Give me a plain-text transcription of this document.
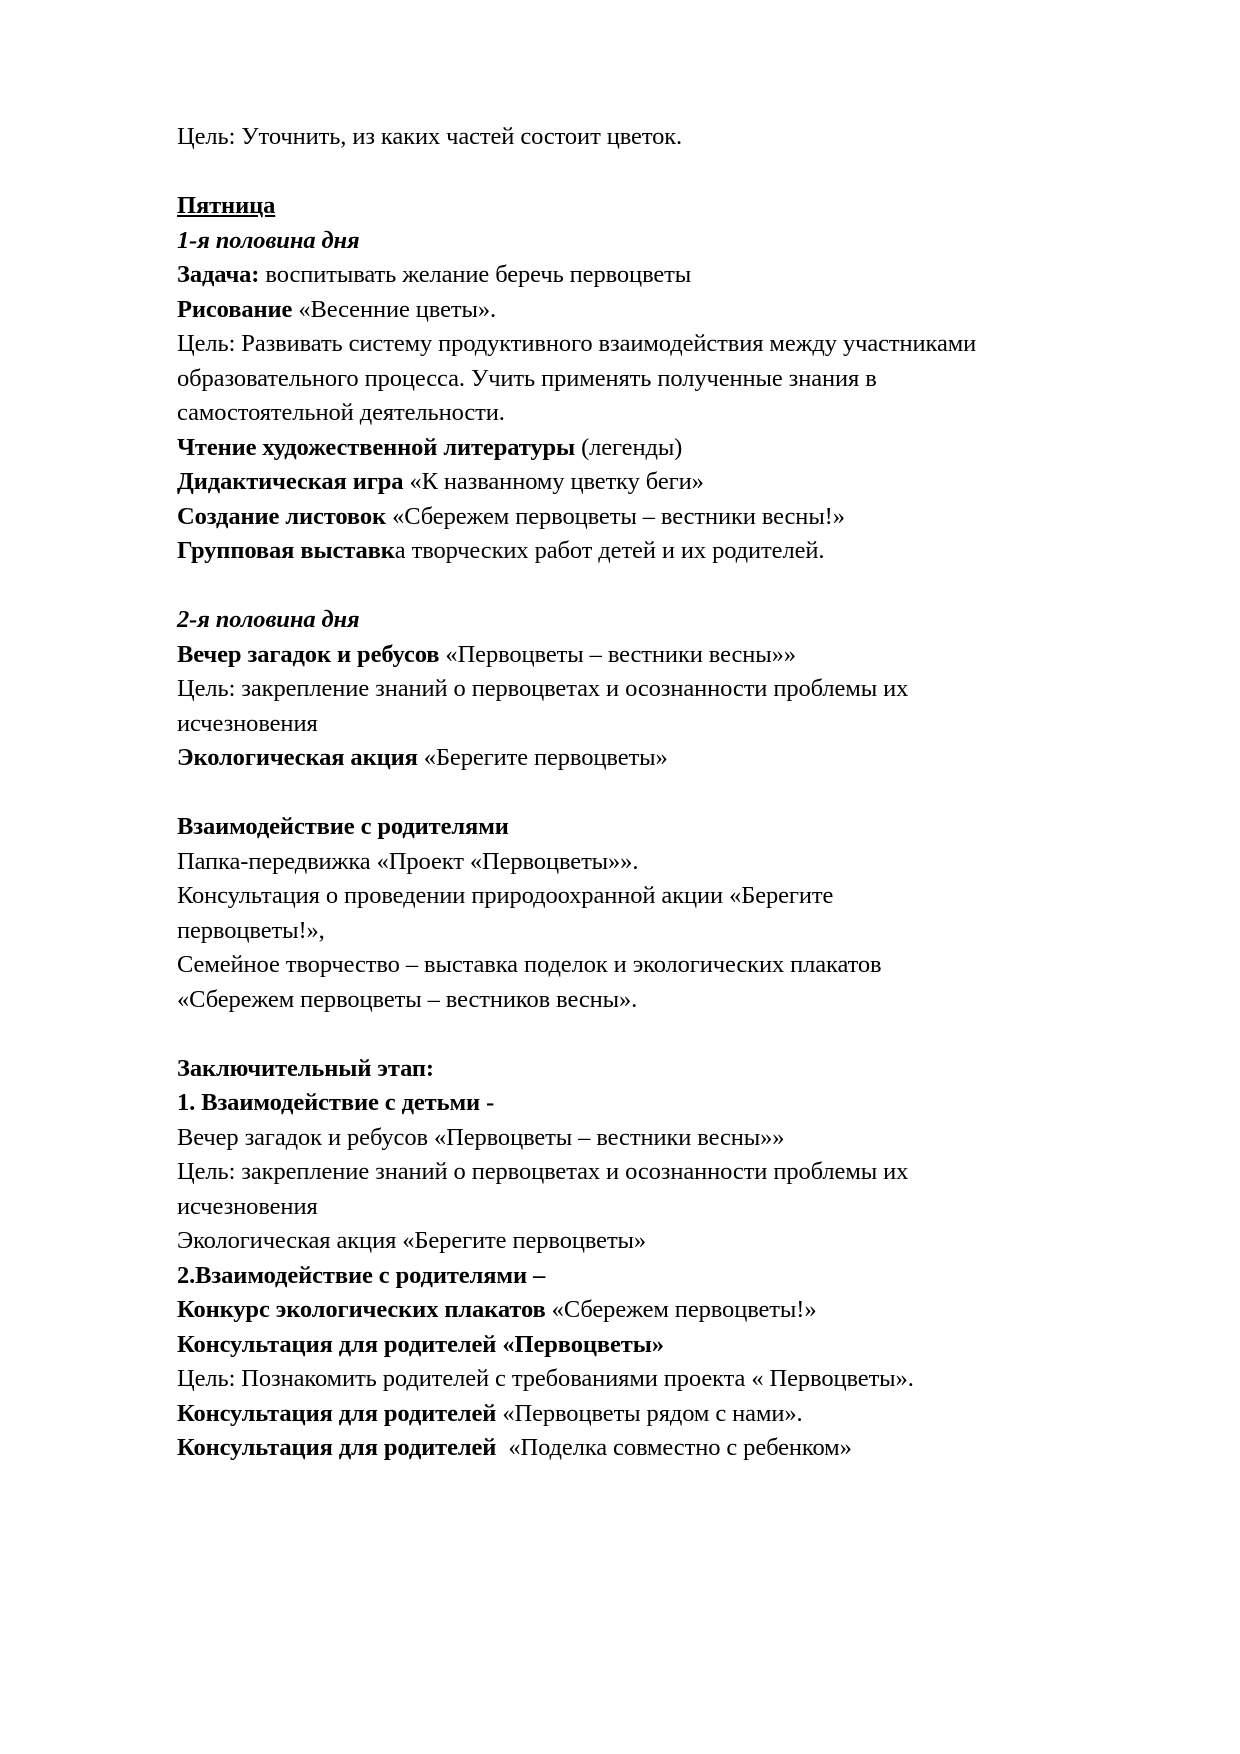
Цель: Уточнить, из каких частей состоит цветок.
Пятница
1-я половина дня
Задача: воспитывать желание беречь первоцветы
Рисование «Весенние цветы».
Цель: Развивать систему продуктивного взаимодействия между участниками
образовательного процесса. Учить применять полученные знания в
самостоятельной деятельности.
Чтение художественной литературы (легенды)
Дидактическая игра «К названному цветку беги»
Создание листовок «Сбережем первоцветы – вестники весны!»
Групповая выставка творческих работ детей и их родителей.
2-я половина дня
Вечер загадок и ребусов «Первоцветы – вестники весны»»
Цель: закрепление знаний о первоцветах и осознанности проблемы их
исчезновения
Экологическая акция «Берегите первоцветы»
Взаимодействие с родителями
Папка-передвижка «Проект «Первоцветы»».
Консультация о проведении природоохранной акции «Берегите
первоцветы!»,
Семейное творчество – выставка поделок и экологических плакатов
«Сбережем первоцветы – вестников весны».
Заключительный этап:
1. Взаимодействие с детьми -
Вечер загадок и ребусов «Первоцветы – вестники весны»»
Цель: закрепление знаний о первоцветах и осознанности проблемы их
исчезновения
Экологическая акция «Берегите первоцветы»
2.Взаимодействие с родителями –
Конкурс экологических плакатов «Сбережем первоцветы!»
Консультация для родителей «Первоцветы»
Цель: Познакомить родителей с требованиями проекта « Первоцветы».
Консультация для родителей «Первоцветы рядом с нами».
Консультация для родителей  «Поделка совместно с ребенком»
